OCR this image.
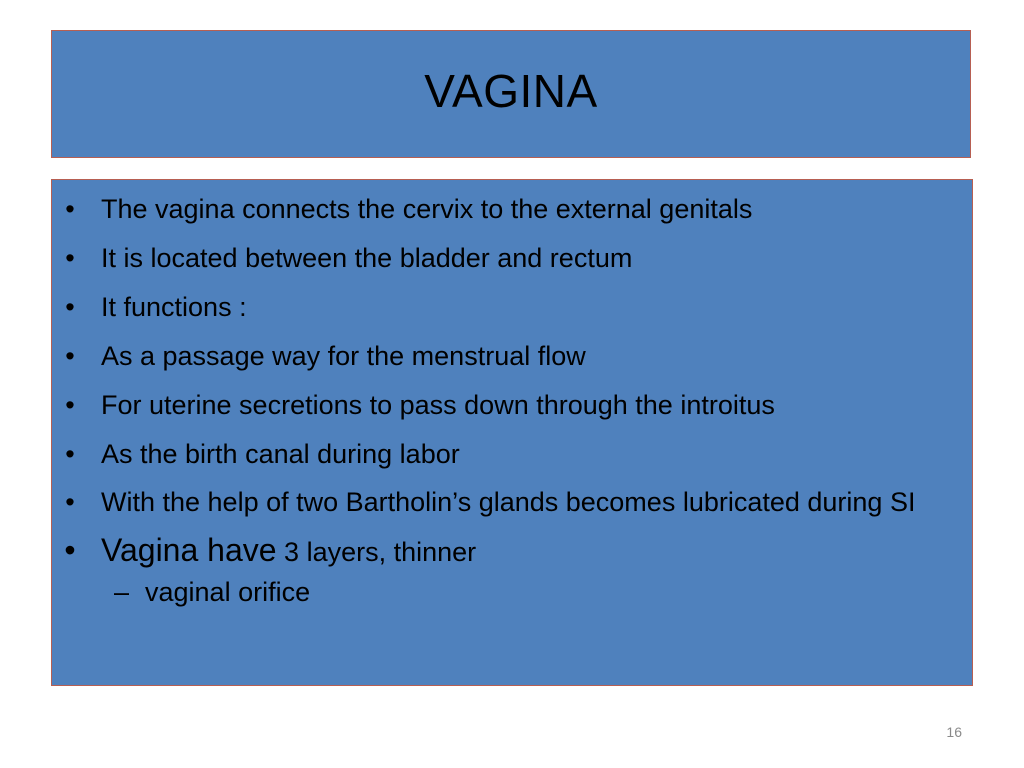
VAGINA
• The vagina connects the cervix to the external genitals
• It is located between the bladder and rectum
• It functions :
• As a passage way for the menstrual flow
• For uterine secretions to pass down through the introitus
• As the birth canal during labor
• With the help of two Bartholin’s glands becomes lubricated during SI
• Vagina have 3 layers, thinner
– vaginal orifice
16
